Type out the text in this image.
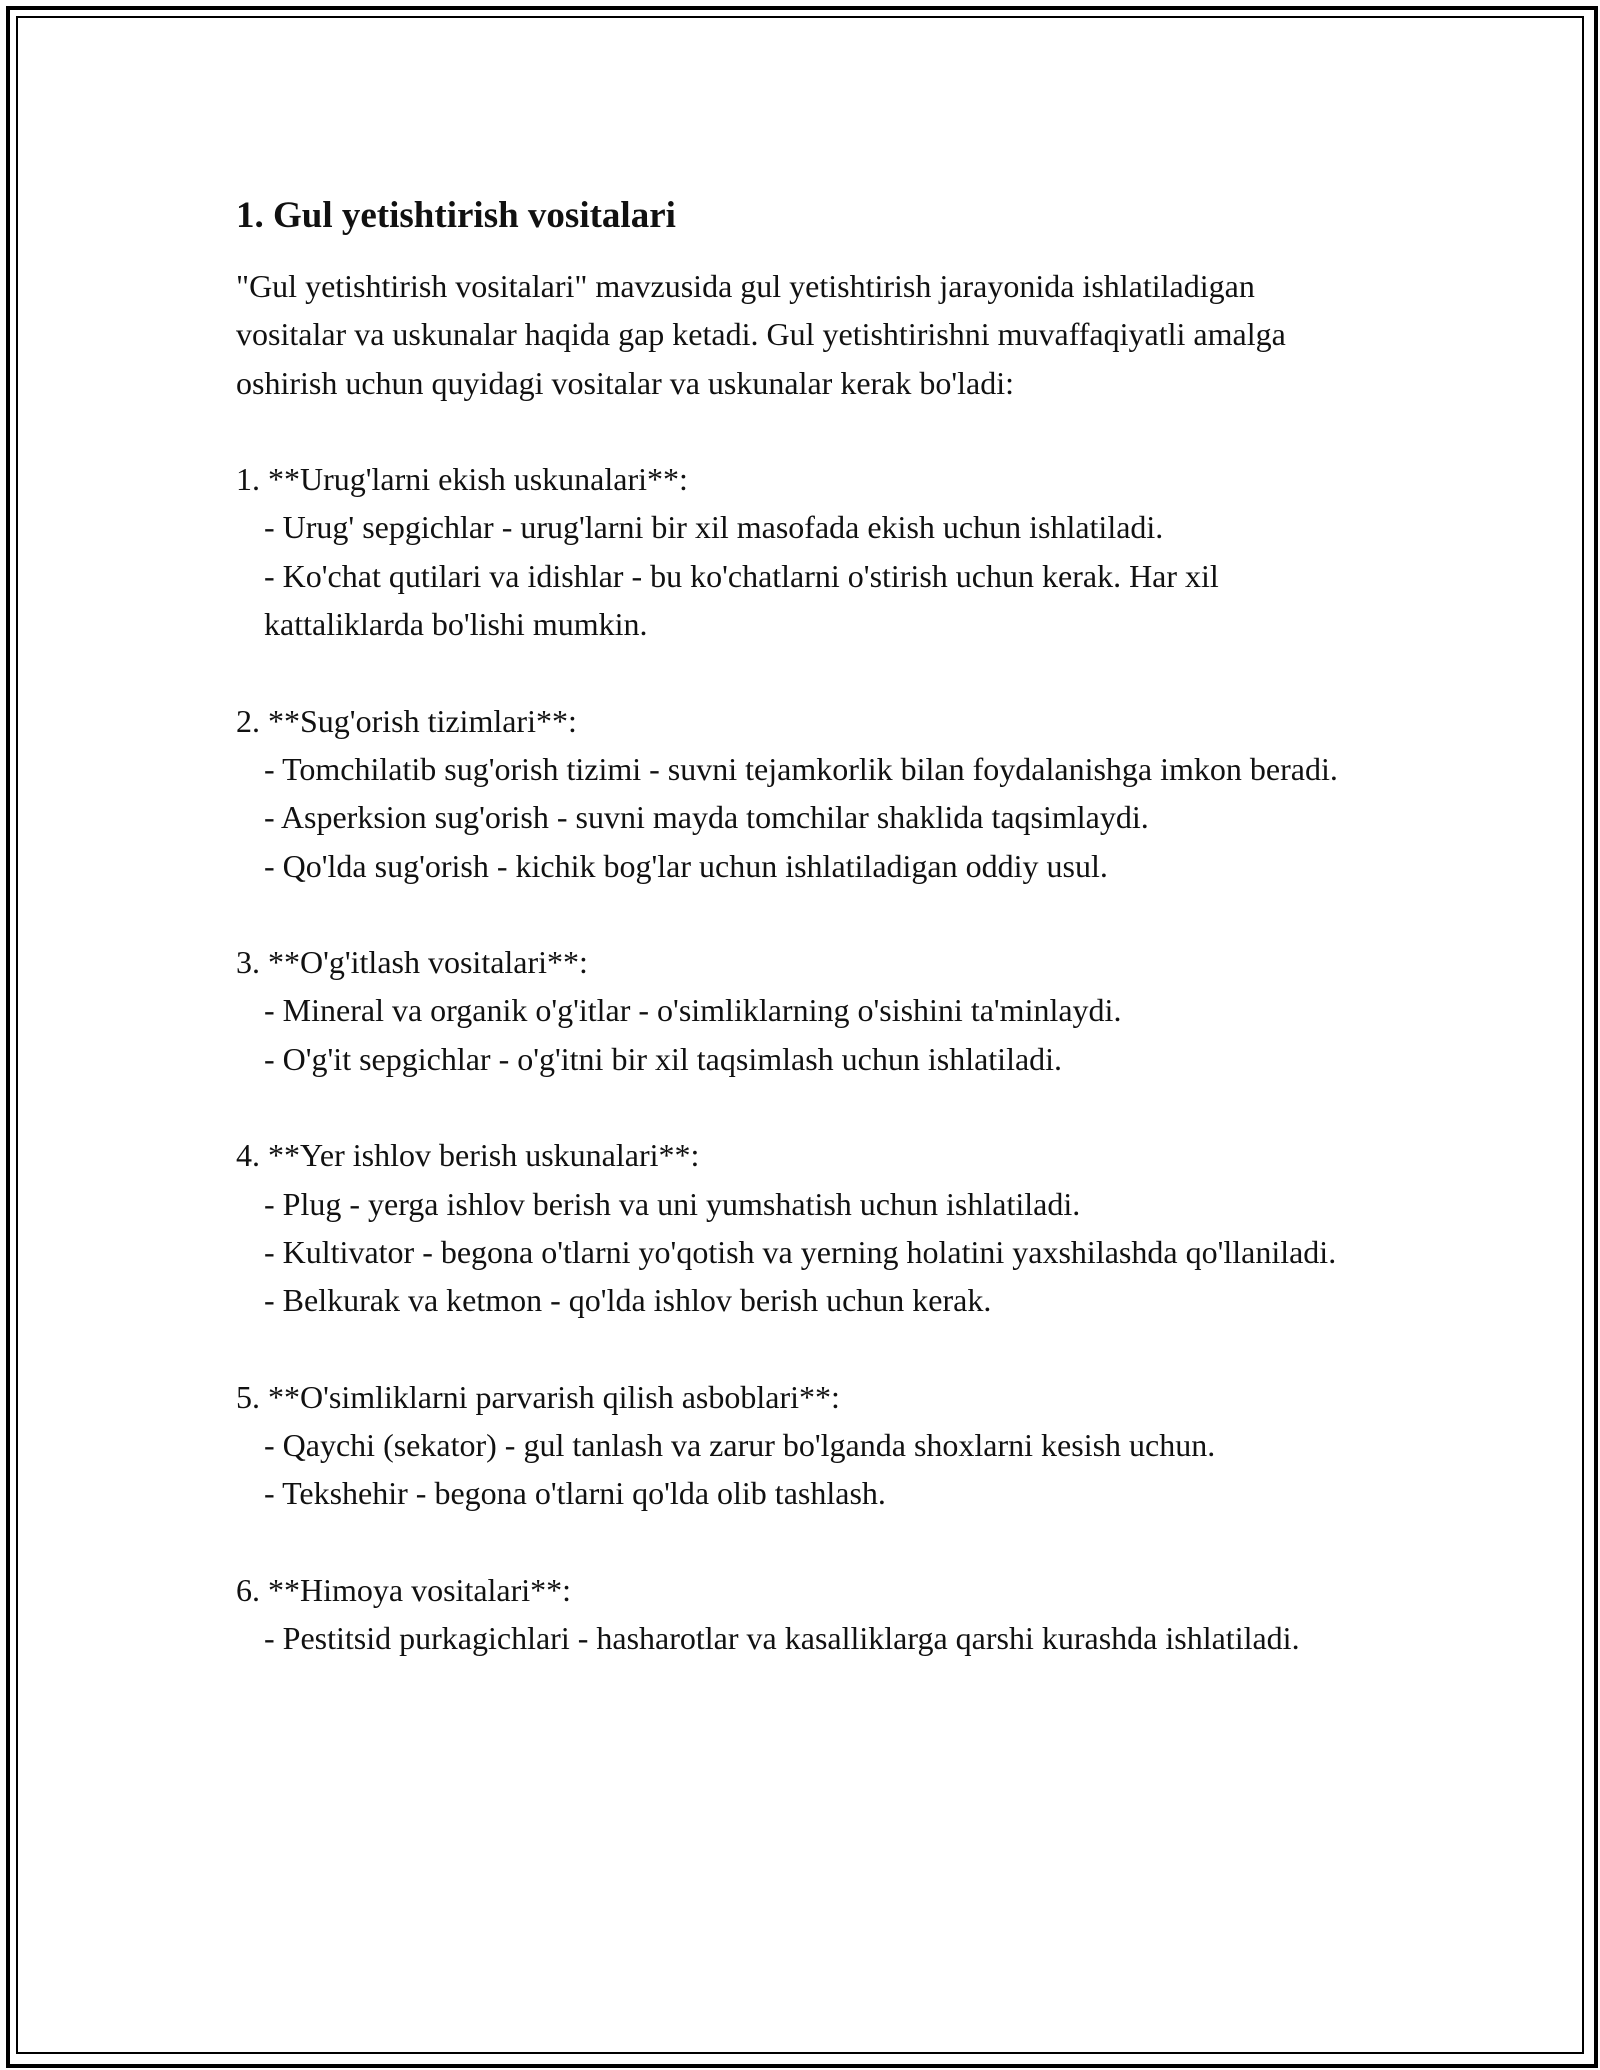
1. Gul yetishtirish vositalari

"Gul yetishtirish vositalari" mavzusida gul yetishtirish jarayonida ishlatiladigan vositalar va uskunalar haqida gap ketadi. Gul yetishtirishni muvaffaqiyatli amalga oshirish uchun quyidagi vositalar va uskunalar kerak bo'ladi:

1. **Urug'larni ekish uskunalari**:

- Urug' sepgichlar - urug'larni bir xil masofada ekish uchun ishlatiladi.

- Ko'chat qutilari va idishlar - bu ko'chatlarni o'stirish uchun kerak. Har xil kattaliklarda bo'lishi mumkin.

2. **Sug'orish tizimlari**:

- Tomchilatib sug'orish tizimi - suvni tejamkorlik bilan foydalanishga imkon beradi.

- Asperksion sug'orish - suvni mayda tomchilar shaklida taqsimlaydi.

- Qo'lda sug'orish - kichik bog'lar uchun ishlatiladigan oddiy usul.

3. **O'g'itlash vositalari**:

- Mineral va organik o'g'itlar - o'simliklarning o'sishini ta'minlaydi.

- O'g'it sepgichlar - o'g'itni bir xil taqsimlash uchun ishlatiladi.

4. **Yer ishlov berish uskunalari**:

- Plug - yerga ishlov berish va uni yumshatish uchun ishlatiladi.

- Kultivator - begona o'tlarni yo'qotish va yerning holatini yaxshilashda qo'llaniladi.

- Belkurak va ketmon - qo'lda ishlov berish uchun kerak.

5. **O'simliklarni parvarish qilish asboblari**:

- Qaychi (sekator) - gul tanlash va zarur bo'lganda shoxlarni kesish uchun.

- Tekshehir - begona o'tlarni qo'lda olib tashlash.

6. **Himoya vositalari**:

- Pestitsid purkagichlari - hasharotlar va kasalliklarga qarshi kurashda ishlatiladi.
